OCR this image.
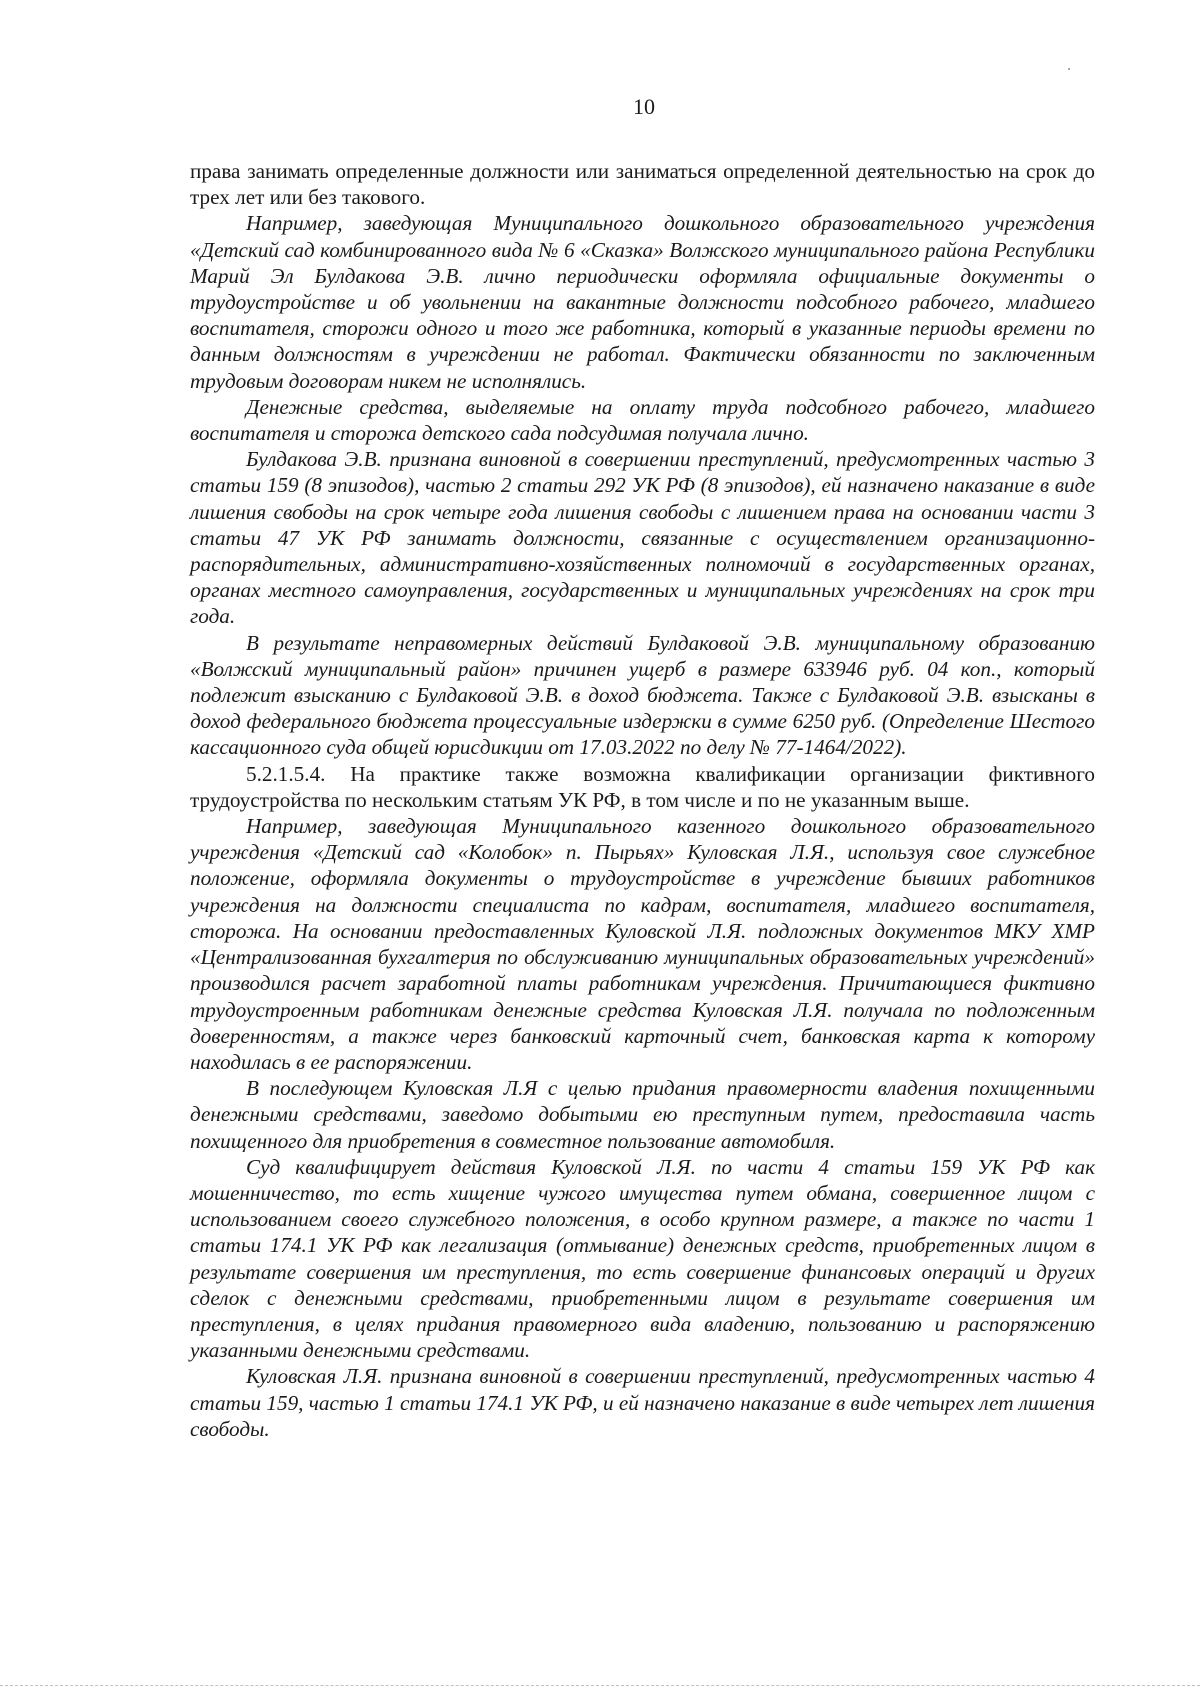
10

права занимать определенные должности или заниматься определенной деятельностью на срок до трех лет или без такового.

Например, заведующая Муниципального дошкольного образовательного учреждения «Детский сад комбинированного вида № 6 «Сказка» Волжского муниципального района Республики Марий Эл Булдакова Э.В. лично периодически оформляла официальные документы о трудоустройстве и об увольнении на вакантные должности подсобного рабочего, младшего воспитателя, сторожи одного и того же работника, который в указанные периоды времени по данным должностям в учреждении не работал. Фактически обязанности по заключенным трудовым договорам никем не исполнялись.

Денежные средства, выделяемые на оплату труда подсобного рабочего, младшего воспитателя и сторожа детского сада подсудимая получала лично.

Булдакова Э.В. признана виновной в совершении преступлений, предусмотренных частью 3 статьи 159 (8 эпизодов), частью 2 статьи 292 УК РФ (8 эпизодов), ей назначено наказание в виде лишения свободы на срок четыре года лишения свободы с лишением права на основании части 3 статьи 47 УК РФ занимать должности, связанные с осуществлением организационно-распорядительных, административно-хозяйственных полномочий в государственных органах, органах местного самоуправления, государственных и муниципальных учреждениях на срок три года.

В результате неправомерных действий Булдаковой Э.В. муниципальному образованию «Волжский муниципальный район» причинен ущерб в размере 633946 руб. 04 коп., который подлежит взысканию с Булдаковой Э.В. в доход бюджета. Также с Булдаковой Э.В. взысканы в доход федерального бюджета процессуальные издержки в сумме 6250 руб. (Определение Шестого кассационного суда общей юрисдикции от 17.03.2022 по делу № 77-1464/2022).

5.2.1.5.4. На практике также возможна квалификации организации фиктивного трудоустройства по нескольким статьям УК РФ, в том числе и по не указанным выше.

Например, заведующая Муниципального казенного дошкольного образовательного учреждения «Детский сад «Колобок» п. Пырьях» Куловская Л.Я., используя свое служебное положение, оформляла документы о трудоустройстве в учреждение бывших работников учреждения на должности специалиста по кадрам, воспитателя, младшего воспитателя, сторожа. На основании предоставленных Куловской Л.Я. подложных документов МКУ ХМР «Централизованная бухгалтерия по обслуживанию муниципальных образовательных учреждений» производился расчет заработной платы работникам учреждения. Причитающиеся фиктивно трудоустроенным работникам денежные средства Куловская Л.Я. получала по подложенным доверенностям, а также через банковский карточный счет, банковская карта к которому находилась в ее распоряжении.

В последующем Куловская Л.Я с целью придания правомерности владения похищенными денежными средствами, заведомо добытыми ею преступным путем, предоставила часть похищенного для приобретения в совместное пользование автомобиля.

Суд квалифицирует действия Куловской Л.Я. по части 4 статьи 159 УК РФ как мошенничество, то есть хищение чужого имущества путем обмана, совершенное лицом с использованием своего служебного положения, в особо крупном размере, а также по части 1 статьи 174.1 УК РФ как легализация (отмывание) денежных средств, приобретенных лицом в результате совершения им преступления, то есть совершение финансовых операций и других сделок с денежными средствами, приобретенными лицом в результате совершения им преступления, в целях придания правомерного вида владению, пользованию и распоряжению указанными денежными средствами.

Куловская Л.Я. признана виновной в совершении преступлений, предусмотренных частью 4 статьи 159, частью 1 статьи 174.1 УК РФ, и ей назначено наказание в виде четырех лет лишения свободы.
